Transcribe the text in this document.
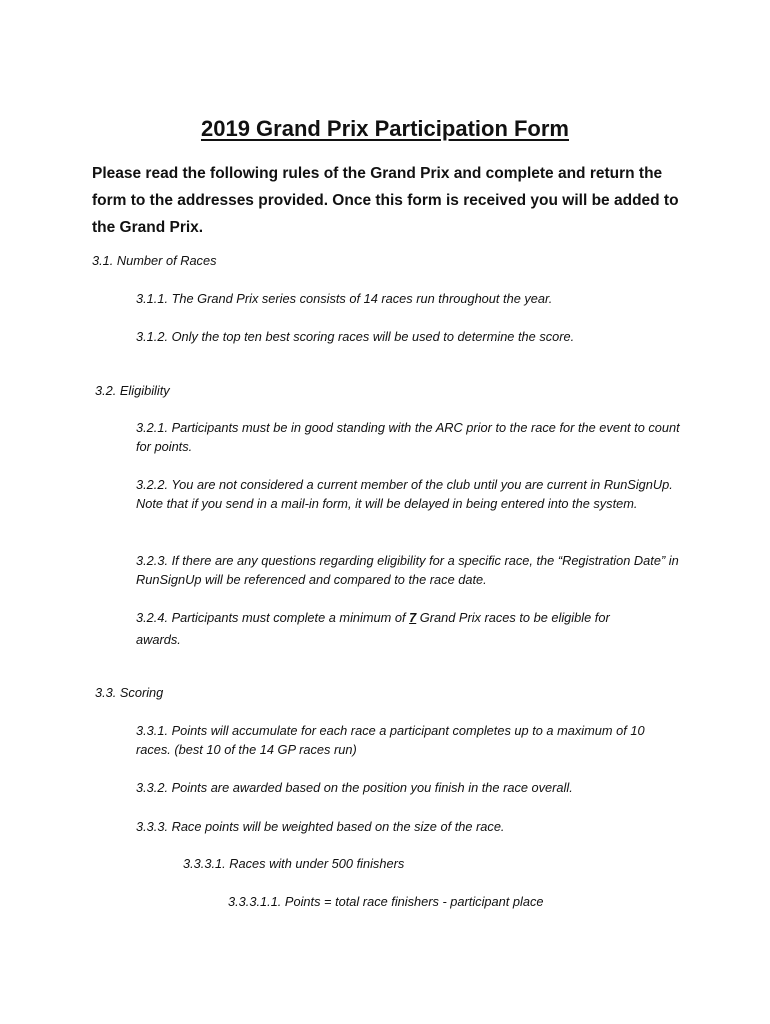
2019 Grand Prix Participation Form

Please read the following rules of the Grand Prix and complete and return the form to the addresses provided. Once this form is received you will be added to the Grand Prix.

3.1. Number of Races

3.1.1. The Grand Prix series consists of 14 races run throughout the year.

3.1.2. Only the top ten best scoring races will be used to determine the score.

3.2. Eligibility

3.2.1. Participants must be in good standing with the ARC prior to the race for the event to count for points.

3.2.2. You are not considered a current member of the club until you are current in RunSignUp. Note that if you send in a mail-in form, it will be delayed in being entered into the system.

3.2.3. If there are any questions regarding eligibility for a specific race, the “Registration Date” in RunSignUp will be referenced and compared to the race date.

3.2.4. Participants must complete a minimum of 7 Grand Prix races to be eligible for

awards.

3.3. Scoring

3.3.1. Points will accumulate for each race a participant completes up to a maximum of 10 races. (best 10 of the 14 GP races run)

3.3.2. Points are awarded based on the position you finish in the race overall.

3.3.3. Race points will be weighted based on the size of the race.

3.3.3.1. Races with under 500 finishers

3.3.3.1.1. Points = total race finishers - participant place
